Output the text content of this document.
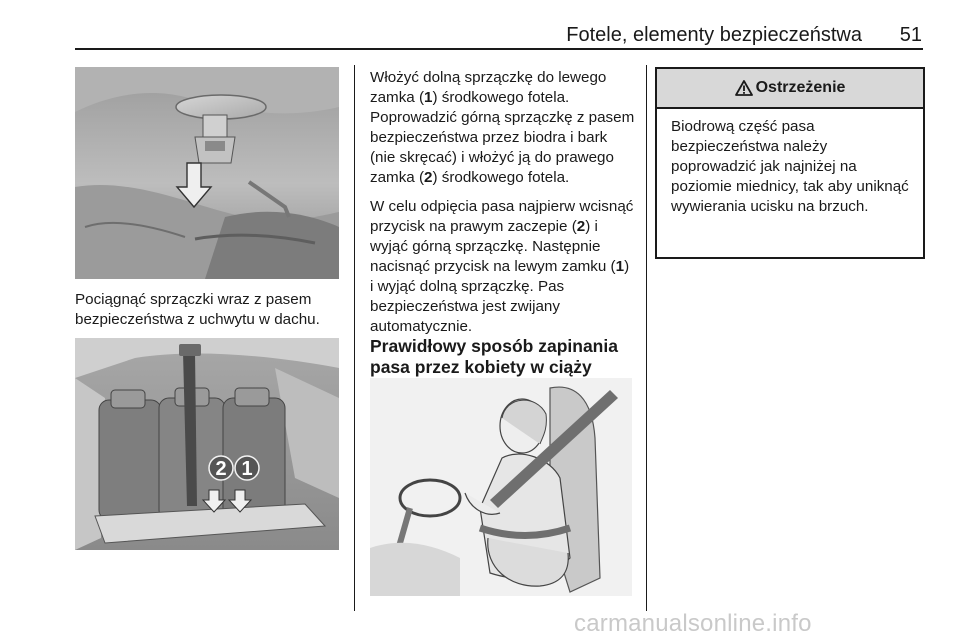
Fotele, elementy bezpieczeństwa 51
Pociągnąć sprzączki wraz z pasem bezpieczeństwa z uchwytu w dachu.
2 1

Włożyć dolną sprzączkę do lewego zamka (1) środkowego fotela. Poprowadzić górną sprzączkę z pasem bezpieczeństwa przez biodra i bark (nie skręcać) i włożyć ją do prawego zamka (2) środkowego fotela.

W celu odpięcia pasa najpierw wcisnąć przycisk na prawym zaczepie (2) i wyjąć górną sprzączkę. Następnie nacisnąć przycisk na lewym zamku (1) i wyjąć dolną sprzączkę. Pas bezpieczeństwa jest zwijany automatycznie.

Prawidłowy sposób zapinania pasa przez kobiety w ciąży
Ostrzeżenie
Biodrową część pasa bezpieczeństwa należy poprowadzić jak najniżej na poziomie miednicy, tak aby uniknąć wywierania ucisku na brzuch.
carmanualsonline.info
